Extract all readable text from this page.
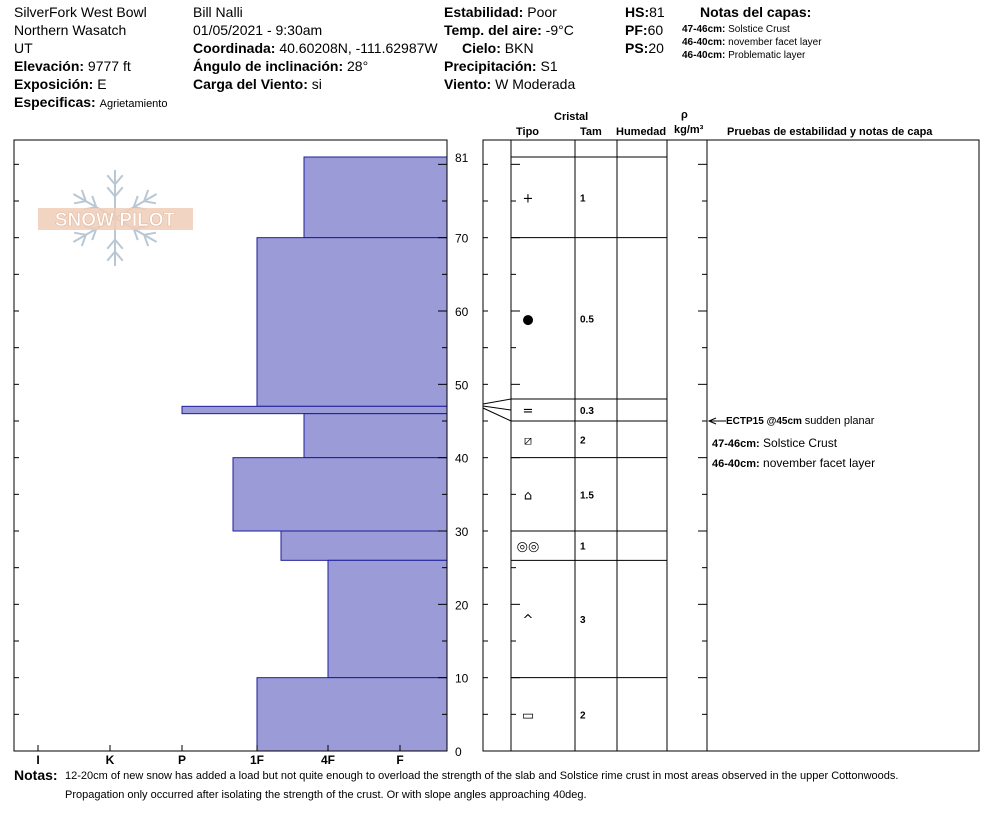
SilverFork West Bowl
Northern Wasatch
UT
Elevación: 9777 ft
Exposición: E
Especificas: Agrietamiento
Bill Nalli
01/05/2021 - 9:30am
Coordinada: 40.60208N, -111.62987W
Ángulo de inclinación: 28°
Carga del Viento: si
Estabilidad: Poor
Temp. del aire: -9°C
Cielo: BKN
Precipitación: S1
Viento: W Moderada
HS:81
PF:60
PS:20
Notas del capas:
47-46cm: Solstice Crust
46-40cm: november facet layer
46-40cm: Problematic layer
Cristal
Tipo	Tam Humedad
ρ
kg/m³ Pruebas de estabilidad y notas de capa
SNOW PILOT
0
10
20
30
40
50
60
70
81
I	K	P	1F	4F	F
+	1
●	0.5
=	0.3
⧄	2
⌂	1.5
◎◎	1
^	3
▭	2
ECTP15 @45cm sudden planar
47-46cm: Solstice Crust
46-40cm: november facet layer
Notas: 12-20cm of new snow has added a load but not quite enough to overload the strength of the slab and Solstice rime crust in most areas observed in the upper Cottonwoods.
Propagation only occurred after isolating the strength of the crust. Or with slope angles approaching 40deg.
